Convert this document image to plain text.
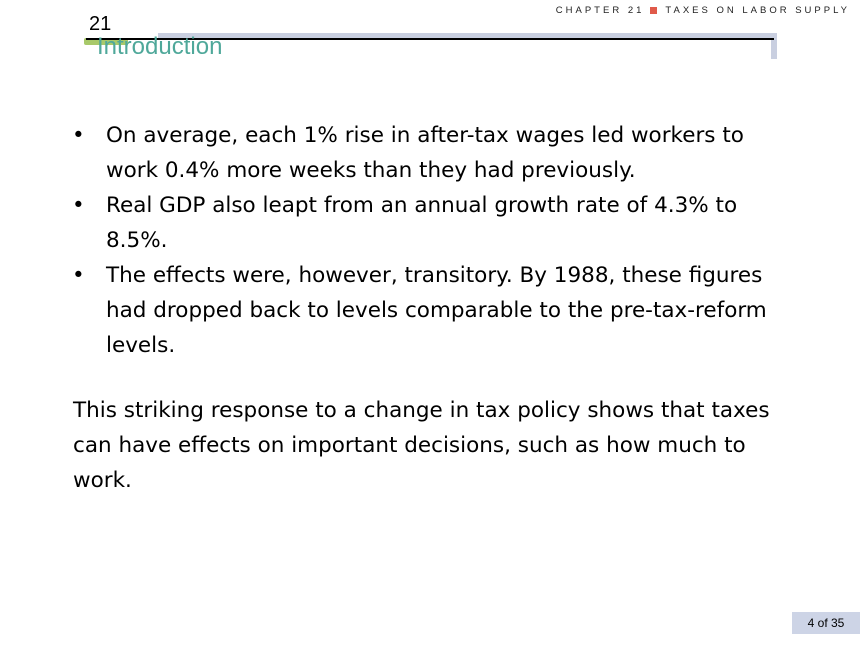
CHAPTER 21 TAXES ON LABOR SUPPLY
21
Introduction
• On average, each 1% rise in after-tax wages led workers to work 0.4% more weeks than they had previously.
• Real GDP also leapt from an annual growth rate of 4.3% to 8.5%.
• The effects were, however, transitory. By 1988, these figures had dropped back to levels comparable to the pre-tax-reform levels.

This striking response to a change in tax policy shows that taxes can have effects on important decisions, such as how much to work.

4 of 35
